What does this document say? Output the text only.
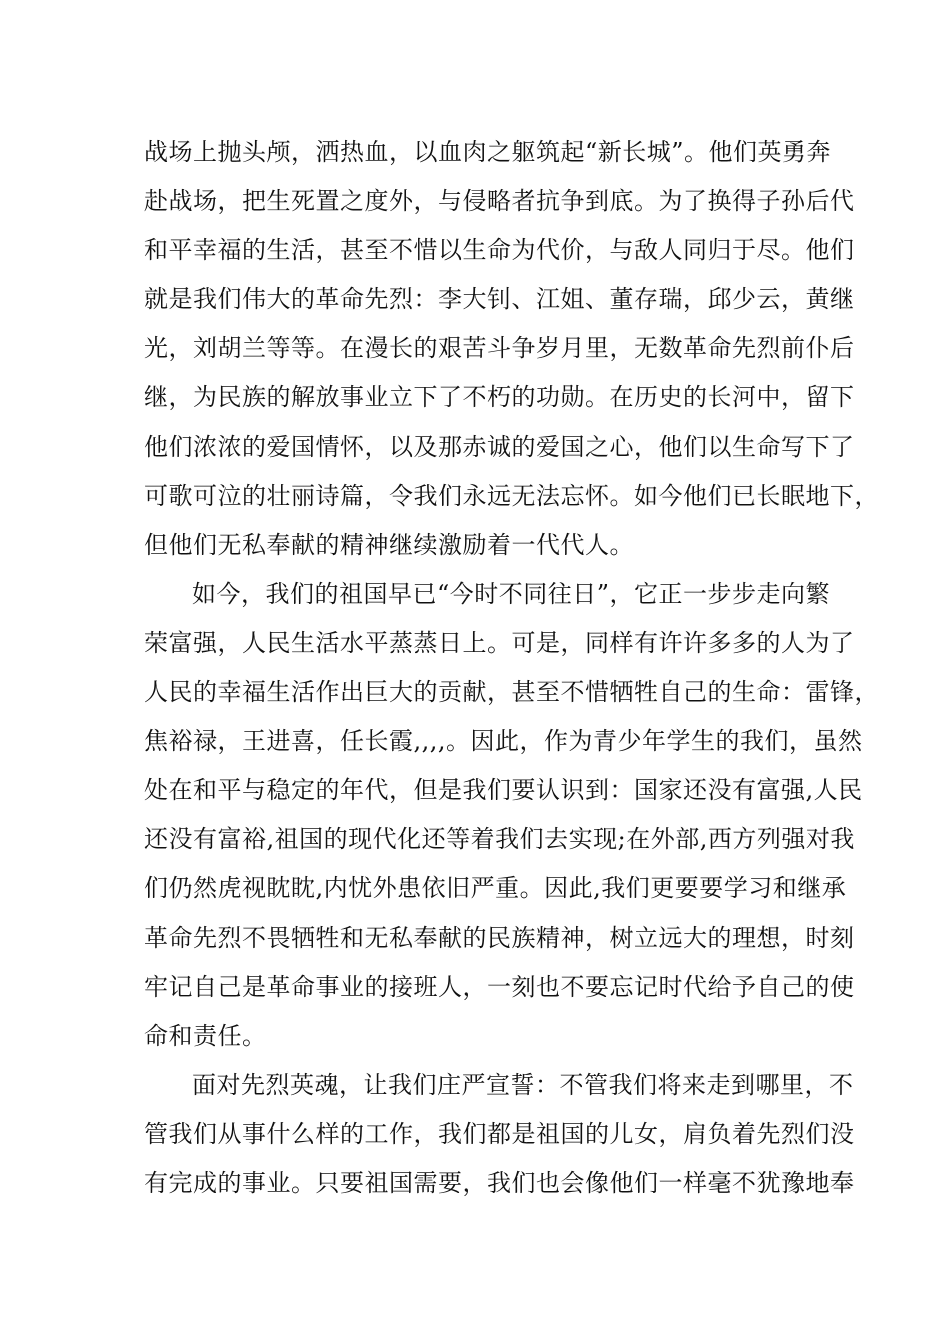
战场上抛头颅，洒热血，以血肉之躯筑起“新长城”。他们英勇奔
赴战场，把生死置之度外，与侵略者抗争到底。为了换得子孙后代
和平幸福的生活，甚至不惜以生命为代价，与敌人同归于尽。他们
就是我们伟大的革命先烈：李大钊、江姐、董存瑞，邱少云，黄继
光，刘胡兰等等。在漫长的艰苦斗争岁月里，无数革命先烈前仆后
继，为民族的解放事业立下了不朽的功勋。在历史的长河中，留下
他们浓浓的爱国情怀，以及那赤诚的爱国之心，他们以生命写下了
可歌可泣的壮丽诗篇，令我们永远无法忘怀。如今他们已长眠地下，
但他们无私奉献的精神继续激励着一代代人。
如今，我们的祖国早已“今时不同往日”，它正一步步走向繁
荣富强，人民生活水平蒸蒸日上。可是，同样有许许多多的人为了
人民的幸福生活作出巨大的贡献，甚至不惜牺牲自己的生命：雷锋，
焦裕禄，王进喜，任长霞,,,,。因此，作为青少年学生的我们，虽然
处在和平与稳定的年代，但是我们要认识到：国家还没有富强,人民
还没有富裕,祖国的现代化还等着我们去实现;在外部,西方列强对我
们仍然虎视眈眈,内忧外患依旧严重。因此,我们更要要学习和继承
革命先烈不畏牺牲和无私奉献的民族精神，树立远大的理想，时刻
牢记自己是革命事业的接班人，一刻也不要忘记时代给予自己的使
命和责任。
面对先烈英魂，让我们庄严宣誓：不管我们将来走到哪里，不
管我们从事什么样的工作，我们都是祖国的儿女，肩负着先烈们没
有完成的事业。只要祖国需要，我们也会像他们一样毫不犹豫地奉
